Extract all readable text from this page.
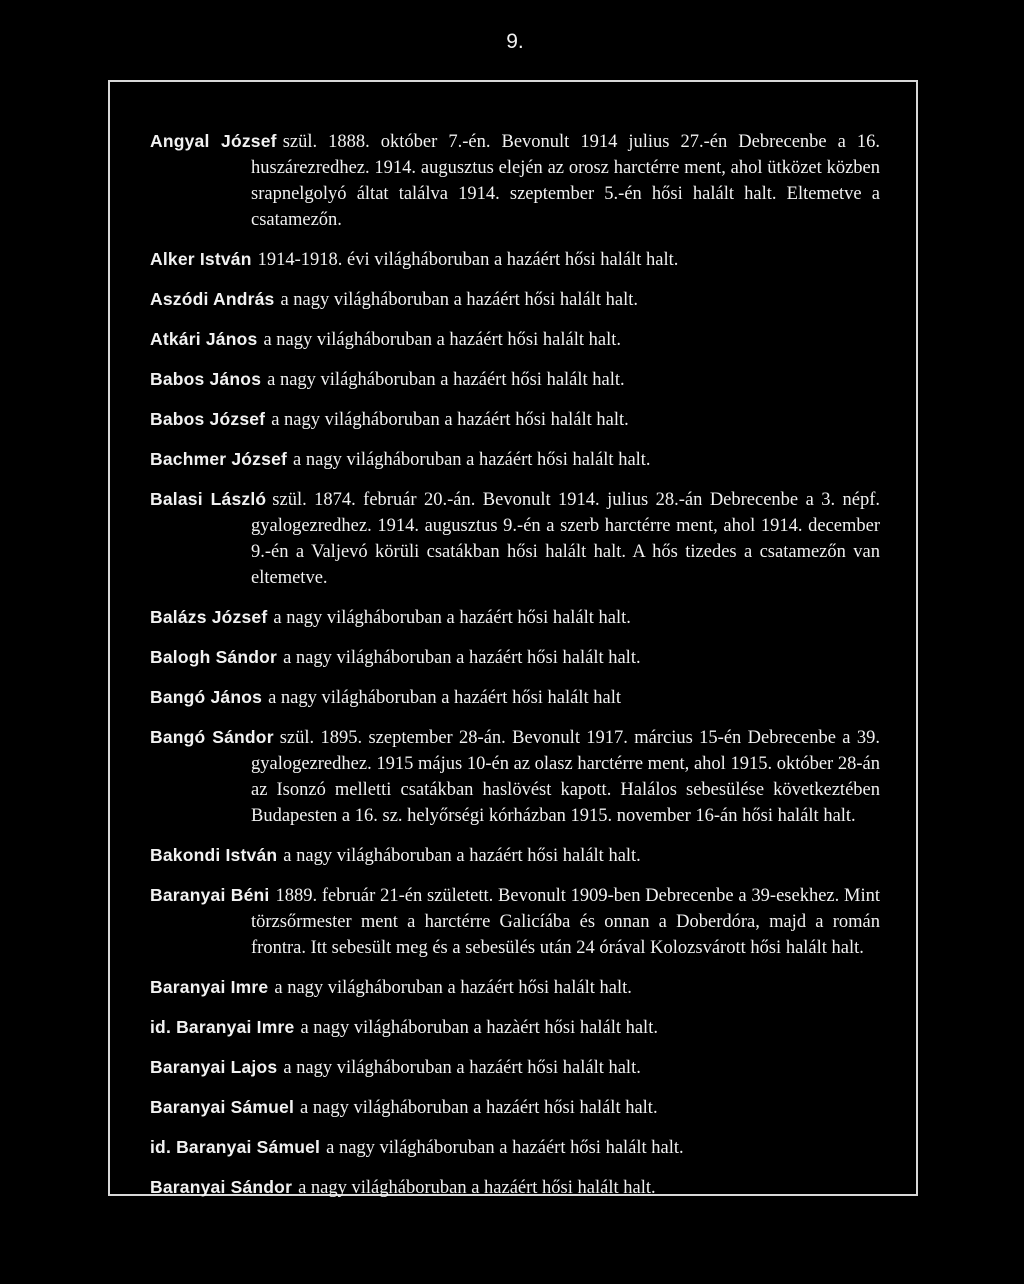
9.

Angyal József szül. 1888. október 7.-én. Bevonult 1914 julius 27.-én Debrecenbe a 16. huszárezredhez. 1914. augusztus elején az orosz harctérre ment, ahol ütközet közben srapnelgolyó áltat találva 1914. szeptember 5.-én hősi halált halt. Eltemetve a csatamezőn.

Alker István 1914-1918. évi világháboruban a hazáért hősi halált halt.

Aszódi András a nagy világháboruban a hazáért hősi halált halt.

Atkári János a nagy világháboruban a hazáért hősi halált halt.

Babos János a nagy világháboruban a hazáért hősi halált halt.

Babos József a nagy világháboruban a hazáért hősi halált halt.

Bachmer József a nagy világháboruban a hazáért hősi halált halt.

Balasi László szül. 1874. február 20.-án. Bevonult 1914. julius 28.-án Debrecenbe a 3. népf. gyalogezredhez. 1914. augusztus 9.-én a szerb harctérre ment, ahol 1914. december 9.-én a Valjevó körüli csatákban hősi halált halt. A hős tizedes a csatamezőn van eltemetve.

Balázs József a nagy világháboruban a hazáért hősi halált halt.

Balogh Sándor a nagy világháboruban a hazáért hősi halált halt.

Bangó János a nagy világháboruban a hazáért hősi halált halt

Bangó Sándor szül. 1895. szeptember 28-án. Bevonult 1917. március 15-én Debrecenbe a 39. gyalogezredhez. 1915 május 10-én az olasz harctérre ment, ahol 1915. október 28-án az Isonzó melletti csatákban haslövést kapott. Halálos sebesülése következtében Budapesten a 16. sz. helyőrségi kórházban 1915. november 16-án hősi halált halt.

Bakondi István a nagy világháboruban a hazáért hősi halált halt.

Baranyai Béni 1889. február 21-én született. Bevonult 1909-ben Debrecenbe a 39-esekhez. Mint törzsőrmester ment a harctérre Galicíába és onnan a Doberdóra, majd a román frontra. Itt sebesült meg és a sebesülés után 24 órával Kolozsvárott hősi halált halt.

Baranyai Imre a nagy világháboruban a hazáért hősi halált halt.

id. Baranyai Imre a nagy világháboruban a hazàért hősi halált halt.

Baranyai Lajos a nagy világháboruban a hazáért hősi halált halt.

Baranyai Sámuel a nagy világháboruban a hazáért hősi halált halt.

id. Baranyai Sámuel a nagy világháboruban a hazáért hősi halált halt.

Baranyai Sándor a nagy világháboruban a hazáért hősi halált halt.
